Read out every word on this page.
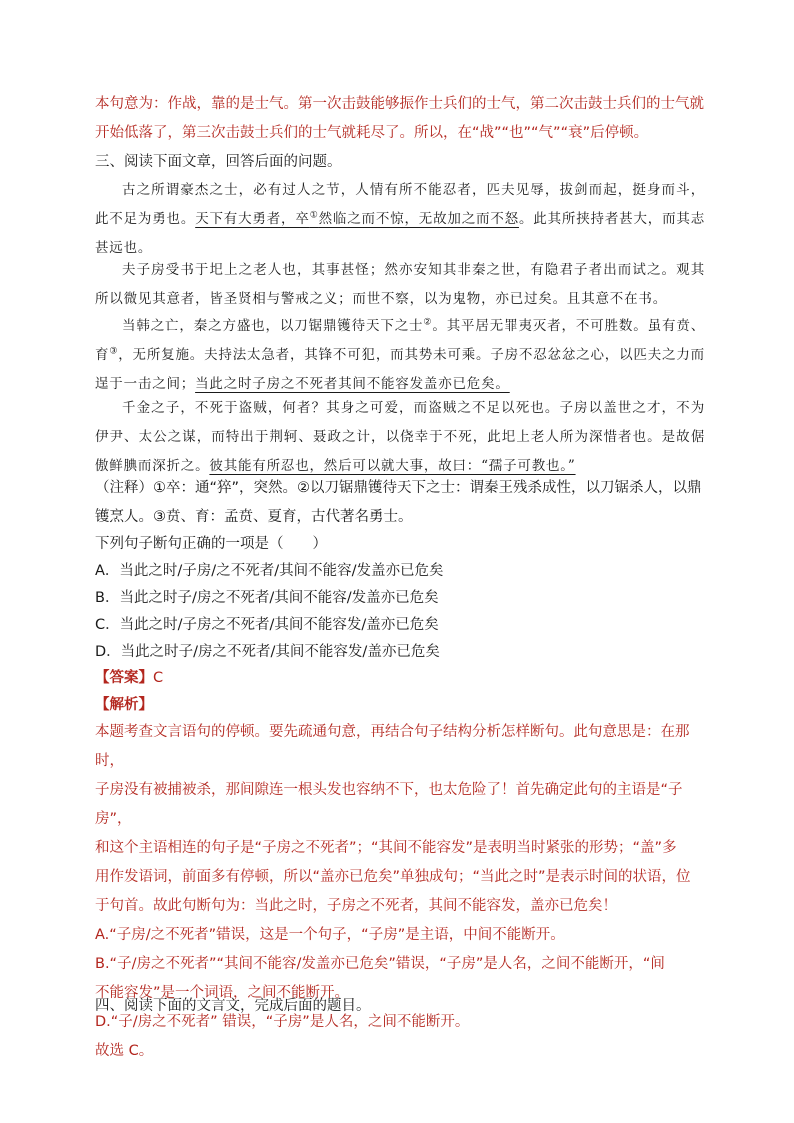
本句意为：作战，靠的是士气。第一次击鼓能够振作士兵们的士气，第二次击鼓士兵们的士气就

开始低落了，第三次击鼓士兵们的士气就耗尽了。所以，在“战”“也”“气”“衰”后停顿。

三、阅读下面文章，回答后面的问题。
古之所谓豪杰之士，必有过人之节，人情有所不能忍者，匹夫见辱，拔剑而起，挺身而斗，此不足为勇也。天下有大勇者，卒①然临之而不惊，无故加之而不怒。此其所挟持者甚大，而其志甚远也。
夫子房受书于圯上之老人也，其事甚怪；然亦安知其非秦之世，有隐君子者出而试之。观其所以微见其意者，皆圣贤相与警戒之义；而世不察，以为鬼物，亦已过矣。且其意不在书。
当韩之亡，秦之方盛也，以刀锯鼎镬待天下之士②。其平居无罪夷灭者，不可胜数。虽有贲、育③，无所复施。夫持法太急者，其锋不可犯，而其势未可乘。子房不忍忿忿之心，以匹夫之力而逞于一击之间；当此之时子房之不死者其间不能容发盖亦已危矣。
千金之子，不死于盗贼，何者？其身之可爱，而盗贼之不足以死也。子房以盖世之才，不为伊尹、太公之谋，而特出于荆轲、聂政之计，以侥幸于不死，此圯上老人所为深惜者也。是故倨傲鲜腆而深折之。彼其能有所忍也，然后可以就大事，故曰：“孺子可教也。”

（注释）①卒：通“猝”，突然。②以刀锯鼎镬待天下之士：谓秦王残杀成性，以刀锯杀人，以鼎

镬烹人。③贲、育：孟贲、夏育，古代著名勇士。

下列句子断句正确的一项是（　　）
A．当此之时/子房/之不死者/其间不能容/发盖亦已危矣
B．当此之时子/房之不死者/其间不能容/发盖亦已危矣
C．当此之时/子房之不死者/其间不能容发/盖亦已危矣
D．当此之时子/房之不死者/其间不能容发/盖亦已危矣
【答案】C
【解析】

本题考查文言语句的停顿。要先疏通句意，再结合句子结构分析怎样断句。此句意思是：在那时，

子房没有被捕被杀，那间隙连一根头发也容纳不下，也太危险了！首先确定此句的主语是“子房”，

和这个主语相连的句子是“子房之不死者”；“其间不能容发”是表明当时紧张的形势；“盖”多

用作发语词，前面多有停顿，所以“盖亦已危矣”单独成句；“当此之时”是表示时间的状语，位

于句首。故此句断句为：当此之时，子房之不死者，其间不能容发，盖亦已危矣！

A.“子房/之不死者”错误，这是一个句子，“子房”是主语，中间不能断开。

B.“子/房之不死者”“其间不能容/发盖亦已危矣”错误，“子房”是人名，之间不能断开，“间

不能容发”是一个词语，之间不能断开。

D.“子/房之不死者” 错误，“子房”是人名，之间不能断开。

故选 C。

四、阅读下面的文言文，完成后面的题目。
